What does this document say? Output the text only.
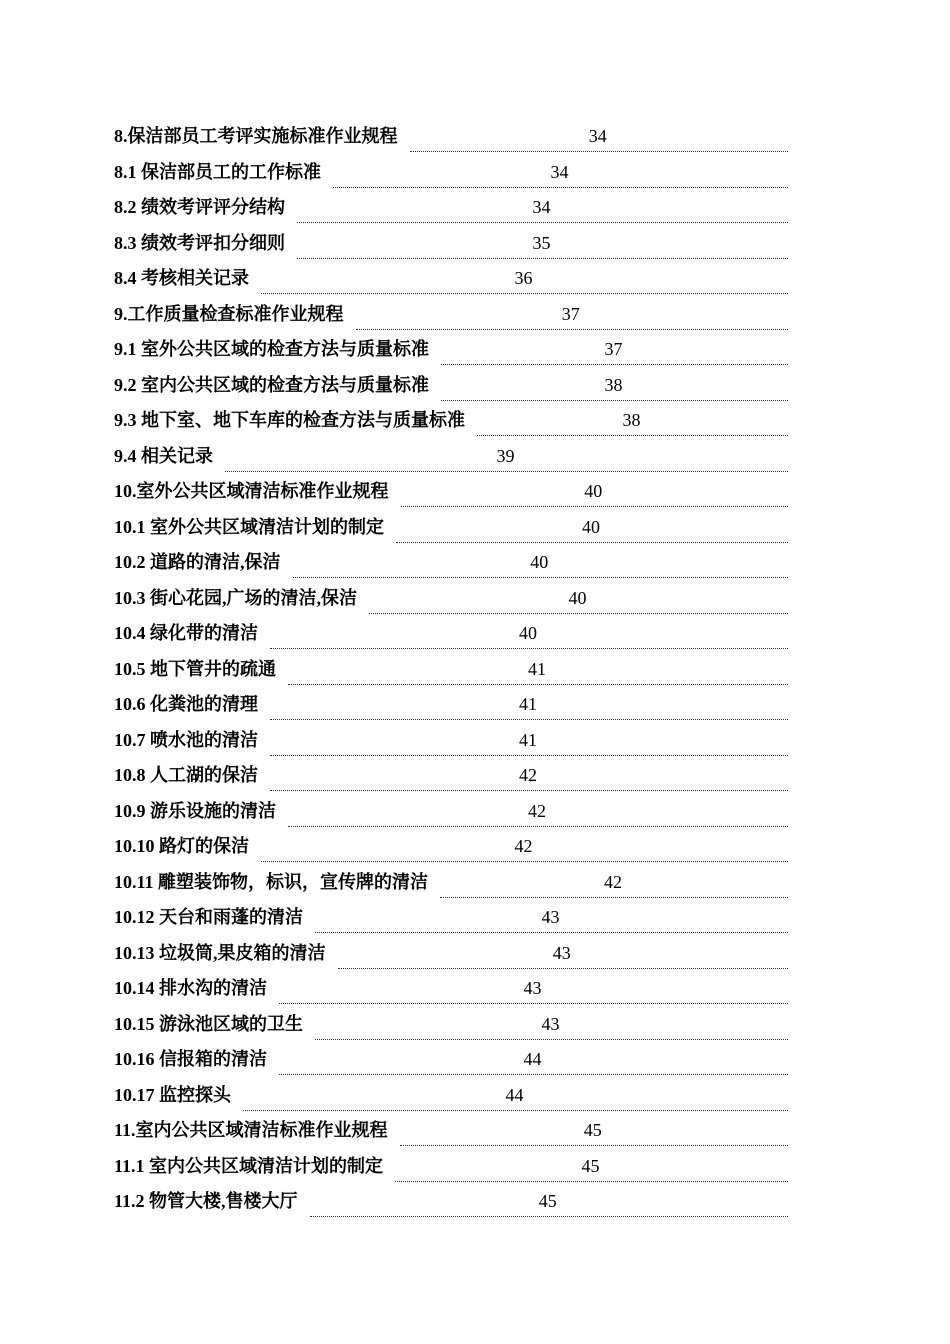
8.保洁部员工考评实施标准作业规程	34
8.1 保洁部员工的工作标准	34
8.2 绩效考评评分结构	34
8.3 绩效考评扣分细则	35
8.4 考核相关记录	36
9.工作质量检查标准作业规程	37
9.1 室外公共区域的检查方法与质量标准	37
9.2 室内公共区域的检查方法与质量标准	38
9.3 地下室、地下车库的检查方法与质量标准	38
9.4 相关记录	39
10.室外公共区域清洁标准作业规程	40
10.1 室外公共区域清洁计划的制定	40
10.2 道路的清洁,保洁	40
10.3 街心花园,广场的清洁,保洁	40
10.4 绿化带的清洁	40
10.5 地下管井的疏通	41
10.6 化粪池的清理	41
10.7 喷水池的清洁	41
10.8 人工湖的保洁	42
10.9 游乐设施的清洁	42
10.10 路灯的保洁	42
10.11 雕塑装饰物，标识，宣传牌的清洁	42
10.12 天台和雨蓬的清洁	43
10.13 垃圾筒,果皮箱的清洁	43
10.14 排水沟的清洁	43
10.15 游泳池区域的卫生	43
10.16 信报箱的清洁	44
10.17 监控探头	44
11.室内公共区域清洁标准作业规程	45
11.1 室内公共区域清洁计划的制定	45
11.2 物管大楼,售楼大厅	45
